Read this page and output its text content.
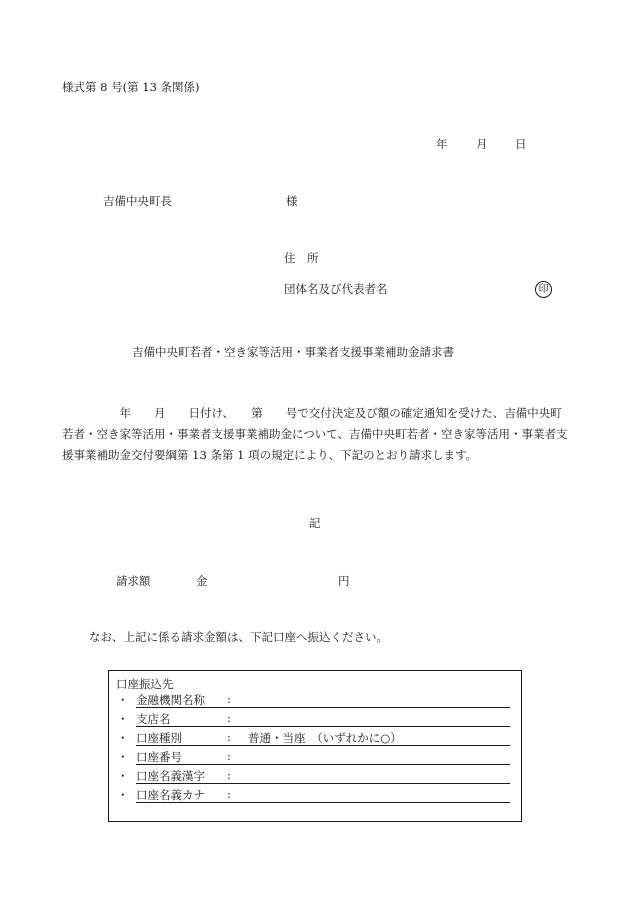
様式第 8 号(第 13 条関係)
年 月 日
吉備中央町長	様
住　所
団体名及び代表者名	印
吉備中央町若者・空き家等活用・事業者支援事業補助金請求書
　　　　　年　　月　　日付け、　　第　　号で交付決定及び額の確定通知を受けた、吉備中央町若者・空き家等活用・事業者支援事業補助金について、吉備中央町若者・空き家等活用・事業者支援事業補助金交付要綱第 13 条第 1 項の規定により、下記のとおり請求します。
記
請求額	金	円
なお、上記に係る請求金額は、下記口座へ振込ください。
口座振込先
・ 金融機関名称 :
・ 支店名	:
・ 口座種別	: 普通・当座　（いずれかに○）
・ 口座番号	:
・ 口座名義漢字 :
・ 口座名義カナ :
